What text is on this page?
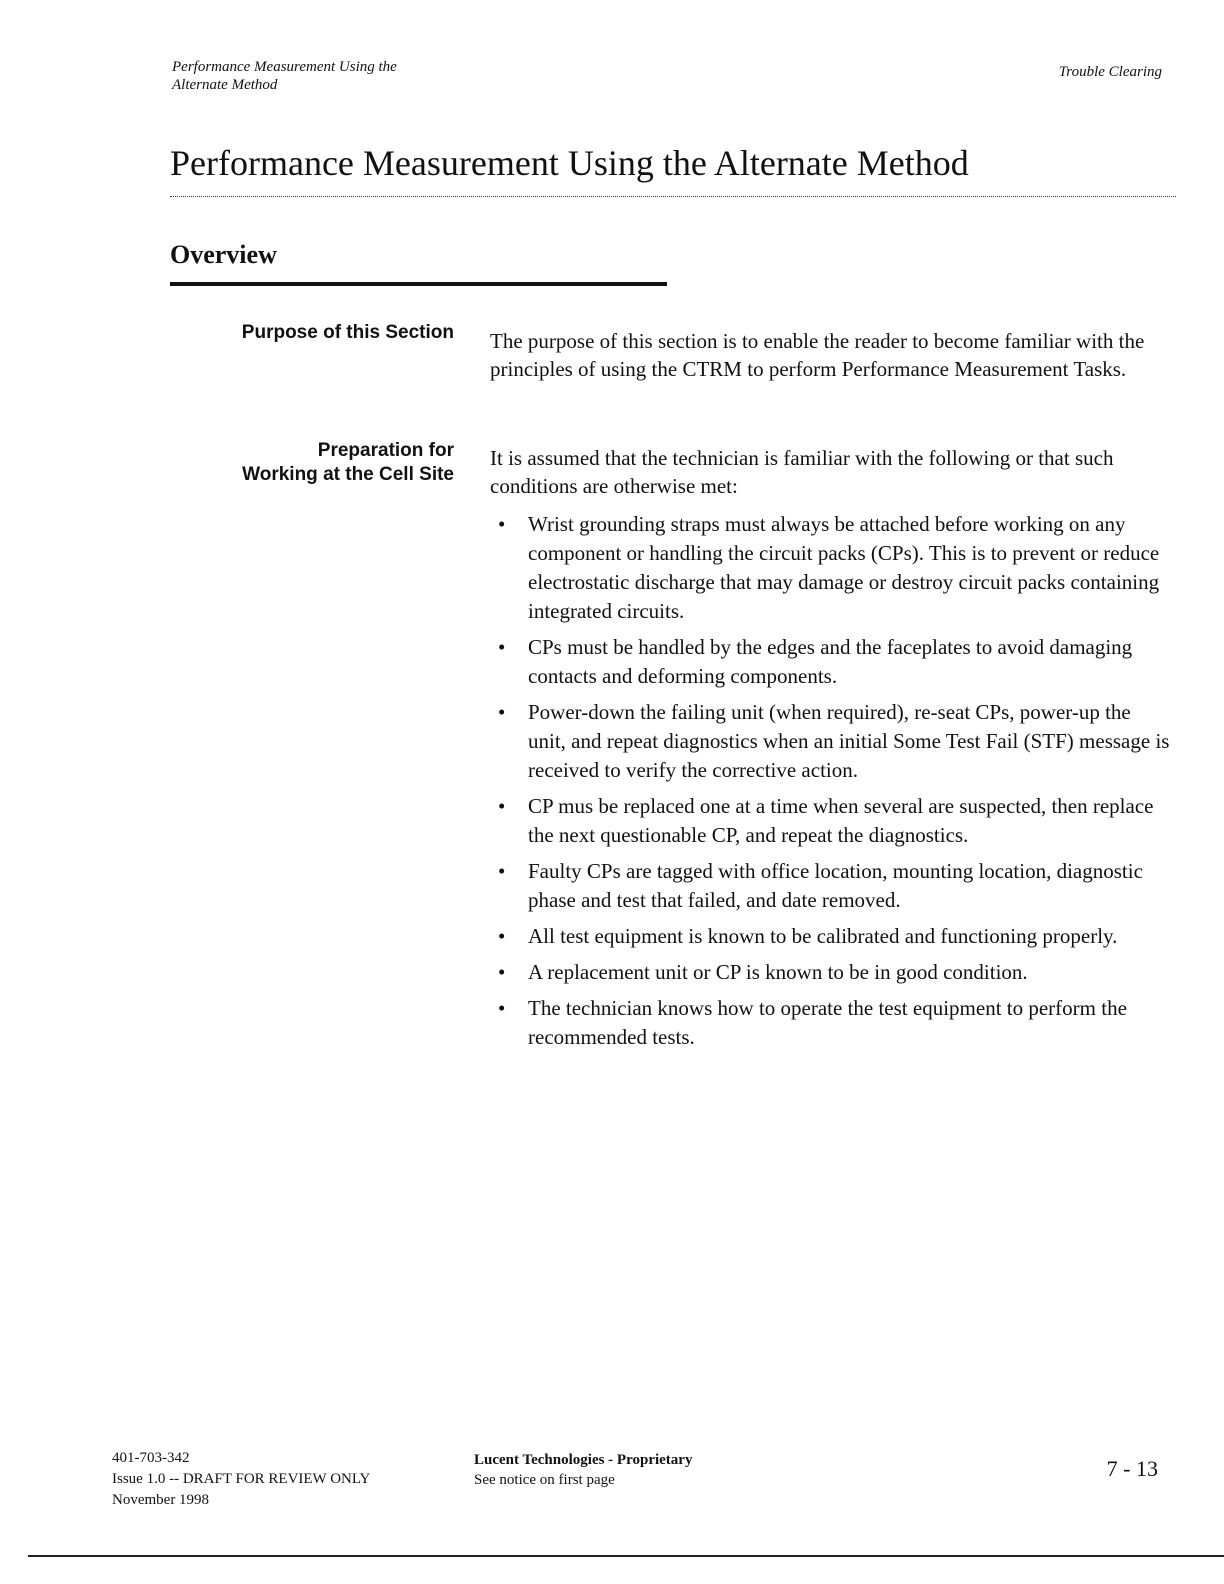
Performance Measurement Using the
Alternate Method
Trouble Clearing
Performance Measurement Using the Alternate Method
Overview
Purpose of this Section The purpose of this section is to enable the reader to become familiar with the principles of using the CTRM to perform Performance Measurement Tasks.
Preparation for
Working at the Cell Site
It is assumed that the technician is familiar with the following or that such conditions are otherwise met:
• Wrist grounding straps must always be attached before working on any component or handling the circuit packs (CPs). This is to prevent or reduce electrostatic discharge that may damage or destroy circuit packs containing integrated circuits.
• CPs must be handled by the edges and the faceplates to avoid damaging contacts and deforming components.
• Power-down the failing unit (when required), re-seat CPs, power-up the unit, and repeat diagnostics when an initial Some Test Fail (STF) message is received to verify the corrective action.
• CP mus be replaced one at a time when several are suspected, then replace the next questionable CP, and repeat the diagnostics.
• Faulty CPs are tagged with office location, mounting location, diagnostic phase and test that failed, and date removed.
• All test equipment is known to be calibrated and functioning properly.
• A replacement unit or CP is known to be in good condition.
• The technician knows how to operate the test equipment to perform the recommended tests.
401-703-342
Issue 1.0 -- DRAFT FOR REVIEW ONLY
November 1998
Lucent Technologies - Proprietary
See notice on first page	7 - 13
